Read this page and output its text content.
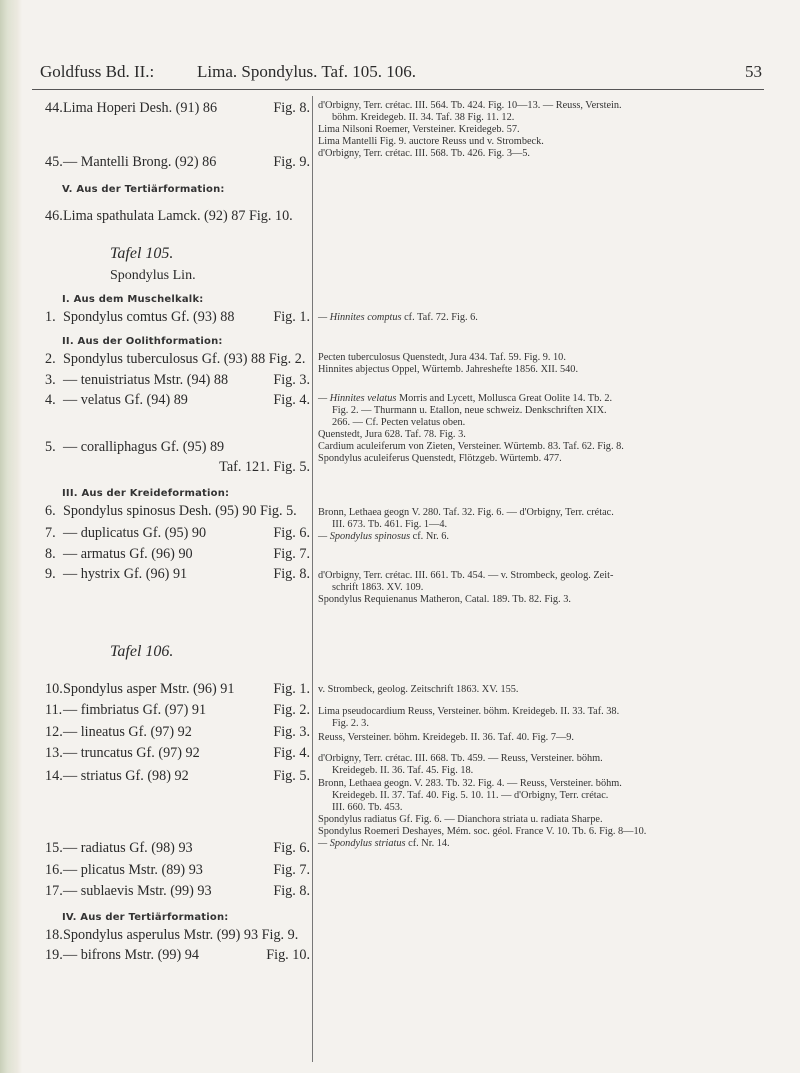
Goldfuss Bd. II.:	Lima. Spondylus. Taf. 105. 106.	53
44. Lima Hoperi Desh. (91) 86	Fig. 8.
45. — Mantelli Brong. (92) 86	Fig. 9.
V. Aus der Tertiärformation:
46. Lima spathulata Lamck. (92) 87 Fig. 10.
Tafel 105.
Spondylus Lin.
I. Aus dem Muschelkalk:
1. Spondylus comtus Gf. (93) 88	Fig. 1.
II. Aus der Oolithformation:
2. Spondylus tuberculosus Gf. (93) 88 Fig. 2.
3. — tenuistriatus Mstr. (94) 88	Fig. 3.
4. — velatus Gf. (94) 89	Fig. 4.
5. — coralliphagus Gf. (95) 89
Taf. 121. Fig. 5.
III. Aus der Kreideformation:
6. Spondylus spinosus Desh. (95) 90 Fig. 5.
7. — duplicatus Gf. (95) 90	Fig. 6.
8. — armatus Gf. (96) 90	Fig. 7.
9. — hystrix Gf. (96) 91	Fig. 8.
Tafel 106.
10. Spondylus asper Mstr. (96) 91	Fig. 1.
11. — fimbriatus Gf. (97) 91	Fig. 2.
12. — lineatus Gf. (97) 92	Fig. 3.
13. — truncatus Gf. (97) 92	Fig. 4.
14. — striatus Gf. (98) 92	Fig. 5.
15. — radiatus Gf. (98) 93	Fig. 6.
16. — plicatus Mstr. (89) 93	Fig. 7.
17. — sublaevis Mstr. (99) 93	Fig. 8.
IV. Aus der Tertiärformation:
18. Spondylus asperulus Mstr. (99) 93 Fig. 9.
19. — bifrons Mstr. (99) 94	Fig. 10.
d'Orbigny, Terr. crétac. III. 564. Tb. 424. Fig. 10—13. — Reuss, Verstein.
böhm. Kreidegeb. II. 34. Taf. 38 Fig. 11. 12.
Lima Nilsoni Roemer, Versteiner. Kreidegeb. 57.
Lima Mantelli Fig. 9. auctore Reuss und v. Strombeck.
d'Orbigny, Terr. crétac. III. 568. Tb. 426. Fig. 3—5.
— Hinnites comptus cf. Taf. 72. Fig. 6.
Pecten tuberculosus Quenstedt, Jura 434. Taf. 59. Fig. 9. 10.
Hinnites abjectus Oppel, Würtemb. Jahreshefte 1856. XII. 540.
— Hinnites velatus Morris and Lycett, Mollusca Great Oolite 14. Tb. 2.
Fig. 2. — Thurmann u. Etallon, neue schweiz. Denkschriften XIX.
266. — Cf. Pecten velatus oben.
Quenstedt, Jura 628. Taf. 78. Fig. 3.
Cardium aculeiferum von Zieten, Versteiner. Würtemb. 83. Taf. 62. Fig. 8.
Spondylus aculeiferus Quenstedt, Flötzgeb. Würtemb. 477.
Bronn, Lethaea geogn V. 280. Taf. 32. Fig. 6. — d'Orbigny, Terr. crétac.
III. 673. Tb. 461. Fig. 1—4.
— Spondylus spinosus cf. Nr. 6.
d'Orbigny, Terr. crétac. III. 661. Tb. 454. — v. Strombeck, geolog. Zeit-
schrift 1863. XV. 109.
Spondylus Requienanus Matheron, Catal. 189. Tb. 82. Fig. 3.
v. Strombeck, geolog. Zeitschrift 1863. XV. 155.
Lima pseudocardium Reuss, Versteiner. böhm. Kreidegeb. II. 33. Taf. 38.
Fig. 2. 3.
Reuss, Versteiner. böhm. Kreidegeb. II. 36. Taf. 40. Fig. 7—9.
d'Orbigny, Terr. crétac. III. 668. Tb. 459. — Reuss, Versteiner. böhm.
Kreidegeb. II. 36. Taf. 45. Fig. 18.
Bronn, Lethaea geogn. V. 283. Tb. 32. Fig. 4. — Reuss, Versteiner. böhm.
Kreidegeb. II. 37. Taf. 40. Fig. 5. 10. 11. — d'Orbigny, Terr. crétac.
III. 660. Tb. 453.
Spondylus radiatus Gf. Fig. 6. — Dianchora striata u. radiata Sharpe.
Spondylus Roemeri Deshayes, Mém. soc. géol. France V. 10. Tb. 6. Fig. 8—10.
— Spondylus striatus cf. Nr. 14.
